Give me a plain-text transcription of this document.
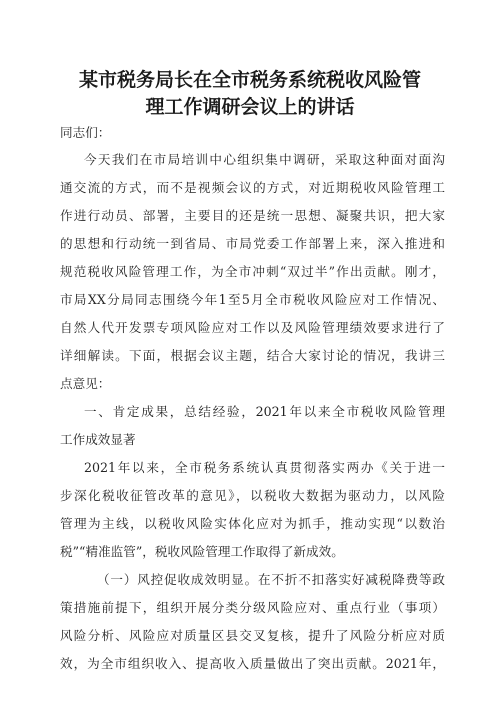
某市税务局长在全市税务系统税收风险管
理工作调研会议上的讲话
同志们：
今天我们在市局培训中心组织集中调研，采取这种面对面沟
通交流的方式，而不是视频会议的方式，对近期税收风险管理工
作进行动员、部署，主要目的还是统一思想、凝聚共识，把大家
的思想和行动统一到省局、市局党委工作部署上来，深入推进和
规范税收风险管理工作，为全市冲刺“双过半”作出贡献。刚才，
市局XX分局同志围绕今年1至5月全市税收风险应对工作情况、
自然人代开发票专项风险应对工作以及风险管理绩效要求进行了
详细解读。下面，根据会议主题，结合大家讨论的情况，我讲三
点意见：
一、肯定成果，总结经验，2021年以来全市税收风险管理
工作成效显著
2021年以来，全市税务系统认真贯彻落实两办《关于进一
步深化税收征管改革的意见》，以税收大数据为驱动力，以风险
管理为主线，以税收风险实体化应对为抓手，推动实现“以数治
税”“精准监管”，税收风险管理工作取得了新成效。
（一）风控促收成效明显。在不折不扣落实好减税降费等政
策措施前提下，组织开展分类分级风险应对、重点行业（事项）
风险分析、风险应对质量区县交叉复核，提升了风险分析应对质
效，为全市组织收入、提高收入质量做出了突出贡献。2021年，
